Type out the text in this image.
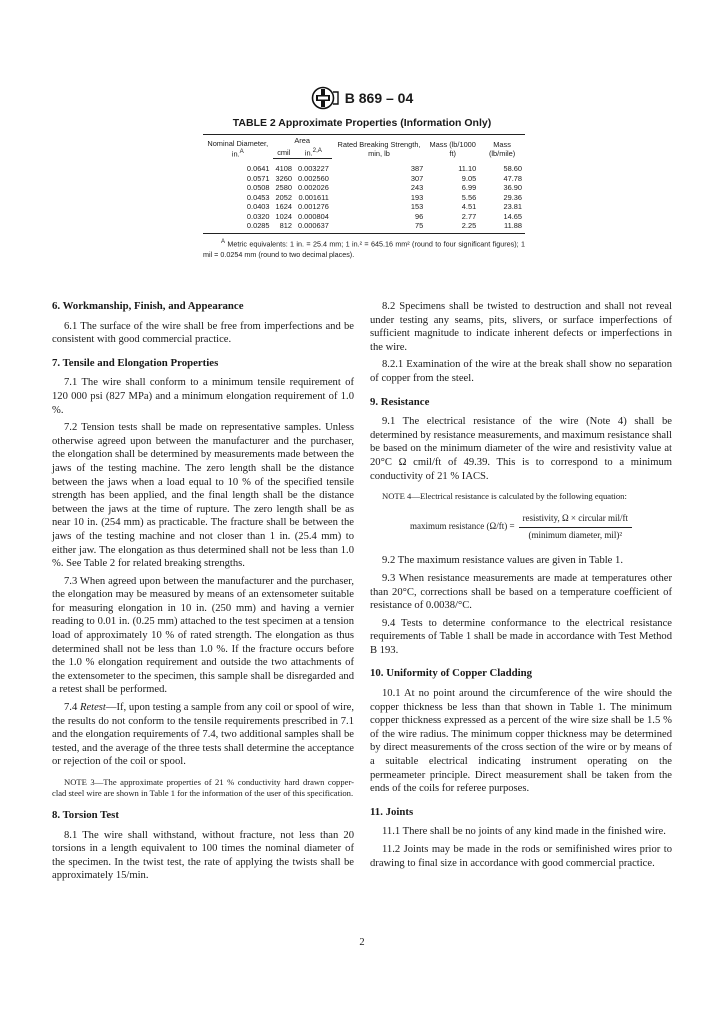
B 869 – 04
TABLE 2 Approximate Properties (Information Only)
Nominal Diameter, in.$^A$	Area		Rated Breaking Strength, min, lb	Mass (lb/1000 ft)	Mass (lb/mile)
	cmil	in.$^{2,A}$
0.0641	4108	0.003227	387	11.10	58.60
0.0571	3260	0.002560	307	9.05	47.78
0.0508	2580	0.002026	243	6.99	36.90
0.0453	2052	0.001611	193	5.56	29.36
0.0403	1624	0.001276	153	4.51	23.81
0.0320	1024	0.000804	96	2.77	14.65
0.0285	812	0.000637	75	2.25	11.88
$^A$ Metric equivalents: 1 in. = 25.4 mm; 1 in.² = 645.16 mm² (round to four significant figures); 1 mil = 0.0254 mm (round to two decimal places).
6. Workmanship, Finish, and Appearance

6.1 The surface of the wire shall be free from imperfections and be consistent with good commercial practice.

7. Tensile and Elongation Properties

7.1 The wire shall conform to a minimum tensile requirement of 120 000 psi (827 MPa) and a minimum elongation requirement of 1.0 %.

7.2 Tension tests shall be made on representative samples. Unless otherwise agreed upon between the manufacturer and the purchaser, the elongation shall be determined by measurements made between the jaws of the testing machine. The zero length shall be the distance between the jaws when a load equal to 10 % of the specified tensile strength has been applied, and the final length shall be the distance between the jaws at the time of rupture. The zero length shall be as near 10 in. (254 mm) as practicable. The fracture shall be between the jaws of the testing machine and not closer than 1 in. (25.4 mm) to either jaw. The elongation as thus determined shall not be less than 1.0 %. See Table 2 for related breaking strengths.

7.3 When agreed upon between the manufacturer and the purchaser, the elongation may be measured by means of an extensometer suitable for measuring elongation in 10 in. (250 mm) and having a vernier reading to 0.01 in. (0.25 mm) attached to the test specimen at a tension load of approximately 10 % of rated strength. The elongation as thus determined shall not be less than 1.0 %. If the fracture occurs before the 1.0 % elongation requirement and outside the two attachments of the extensometer to the specimen, this sample shall be disregarded and a retest shall be performed.

7.4 Retest—If, upon testing a sample from any coil or spool of wire, the results do not conform to the tensile requirements prescribed in 7.1 and the elongation requirements of 7.4, two additional samples shall be tested, and the average of the three tests shall determine the acceptance or rejection of the coil or spool.

NOTE 3—The approximate properties of 21 % conductivity hard drawn copper-clad steel wire are shown in Table 1 for the information of the user of this specification.
8. Torsion Test

8.1 The wire shall withstand, without fracture, not less than 20 torsions in a length equivalent to 100 times the nominal diameter of the specimen. In the twist test, the rate of applying the twists shall be approximately 15/min.

8.2 Specimens shall be twisted to destruction and shall not reveal under testing any seams, pits, slivers, or surface imperfections of sufficient magnitude to indicate inherent defects or imperfections in the wire.

8.2.1 Examination of the wire at the break shall show no separation of copper from the steel.

9. Resistance

9.1 The electrical resistance of the wire (Note 4) shall be determined by resistance measurements, and maximum resistance shall be based on the minimum diameter of the wire and resistivity value at 20°C Ω cmil/ft of 49.39. This is to correspond to a minimum conductivity of 21 % IACS.

NOTE 4—Electrical resistance is calculated by the following equation:
maximum resistance $(\Omega/ft) = \frac{\text{resistivity, Ω × circular mil/ft}}{\text{(minimum diameter, mil)²}}$

9.2 The maximum resistance values are given in Table 1.

9.3 When resistance measurements are made at temperatures other than 20°C, corrections shall be based on a temperature coefficient of resistance of 0.0038/°C.

9.4 Tests to determine conformance to the electrical resistance requirements of Table 1 shall be made in accordance with Test Method B 193.

10. Uniformity of Copper Cladding

10.1 At no point around the circumference of the wire should the copper thickness be less than that shown in Table 1. The minimum copper thickness expressed as a percent of the wire size shall be 1.5 % of the wire radius. The minimum copper thickness may be determined by direct measurements of the cross section of the wire or by means of a suitable electrical indicating instrument operating on the permeameter principle. Direct measurement shall be taken from the ends of the coils for referee purposes.

11. Joints

11.1 There shall be no joints of any kind made in the finished wire.

11.2 Joints may be made in the rods or semifinished wires prior to drawing to final size in accordance with good commercial practice.

2
